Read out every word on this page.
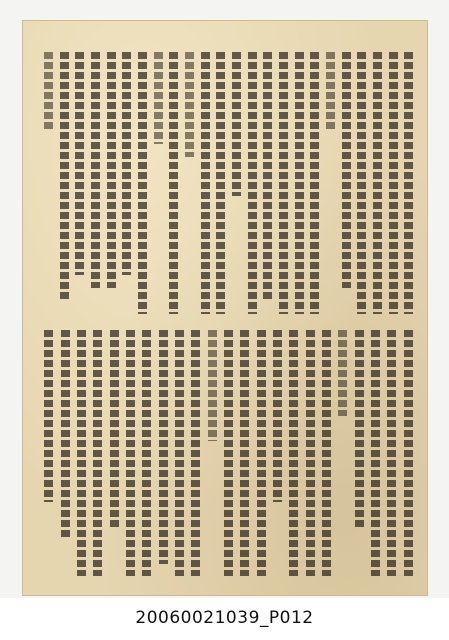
20060021039_P012
